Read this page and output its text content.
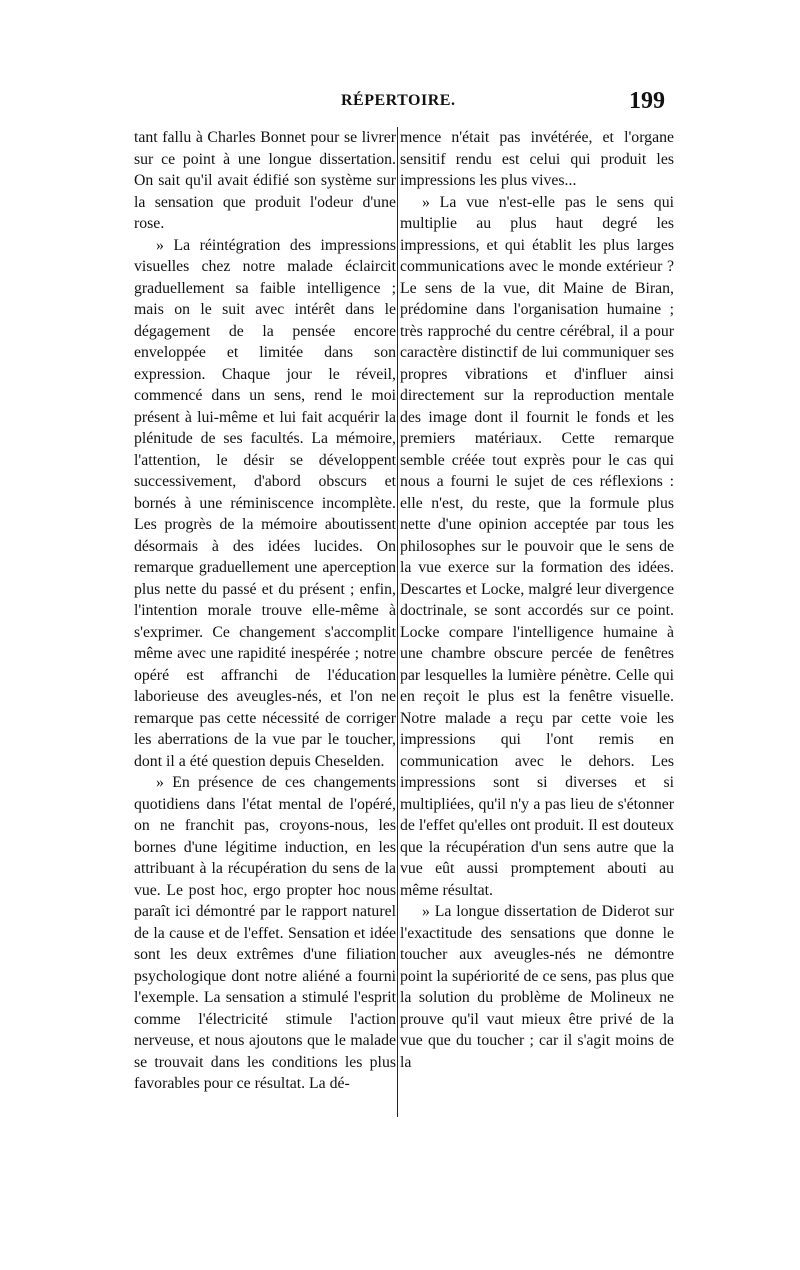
RÉPERTOIRE.	199

tant fallu à Charles Bonnet pour se livrer sur ce point à une longue dissertation. On sait qu'il avait édifié son système sur la sensation que produit l'odeur d'une rose.

» La réintégration des impressions visuelles chez notre malade éclaircit graduellement sa faible intelligence ; mais on le suit avec intérêt dans le dégagement de la pensée encore enveloppée et limitée dans son expression. Chaque jour le réveil, commencé dans un sens, rend le moi présent à lui-même et lui fait acquérir la plénitude de ses facultés. La mémoire, l'attention, le désir se développent successivement, d'abord obscurs et bornés à une réminiscence incomplète. Les progrès de la mémoire aboutissent désormais à des idées lucides. On remarque graduellement une aperception plus nette du passé et du présent ; enfin, l'intention morale trouve elle-même à s'exprimer. Ce changement s'accomplit même avec une rapidité inespérée ; notre opéré est affranchi de l'éducation laborieuse des aveugles-nés, et l'on ne remarque pas cette nécessité de corriger les aberrations de la vue par le toucher, dont il a été question depuis Cheselden.

» En présence de ces changements quotidiens dans l'état mental de l'opéré, on ne franchit pas, croyons-nous, les bornes d'une légitime induction, en les attribuant à la récupération du sens de la vue. Le post hoc, ergo propter hoc nous paraît ici démontré par le rapport naturel de la cause et de l'effet. Sensation et idée sont les deux extrêmes d'une filiation psychologique dont notre aliéné a fourni l'exemple. La sensation a stimulé l'esprit comme l'électricité stimule l'action nerveuse, et nous ajoutons que le malade se trouvait dans les conditions les plus favorables pour ce résultat. La dé-

mence n'était pas invétérée, et l'organe sensitif rendu est celui qui produit les impressions les plus vives...

» La vue n'est-elle pas le sens qui multiplie au plus haut degré les impressions, et qui établit les plus larges communications avec le monde extérieur ? Le sens de la vue, dit Maine de Biran, prédomine dans l'organisation humaine ; très rapproché du centre cérébral, il a pour caractère distinctif de lui communiquer ses propres vibrations et d'influer ainsi directement sur la reproduction mentale des image dont il fournit le fonds et les premiers matériaux. Cette remarque semble créée tout exprès pour le cas qui nous a fourni le sujet de ces réflexions : elle n'est, du reste, que la formule plus nette d'une opinion acceptée par tous les philosophes sur le pouvoir que le sens de la vue exerce sur la formation des idées. Descartes et Locke, malgré leur divergence doctrinale, se sont accordés sur ce point. Locke compare l'intelligence humaine à une chambre obscure percée de fenêtres par lesquelles la lumière pénètre. Celle qui en reçoit le plus est la fenêtre visuelle. Notre malade a reçu par cette voie les impressions qui l'ont remis en communication avec le dehors. Les impressions sont si diverses et si multipliées, qu'il n'y a pas lieu de s'étonner de l'effet qu'elles ont produit. Il est douteux que la récupération d'un sens autre que la vue eût aussi promptement abouti au même résultat.

» La longue dissertation de Diderot sur l'exactitude des sensations que donne le toucher aux aveugles-nés ne démontre point la supériorité de ce sens, pas plus que la solution du problème de Molineux ne prouve qu'il vaut mieux être privé de la vue que du toucher ; car il s'agit moins de la
